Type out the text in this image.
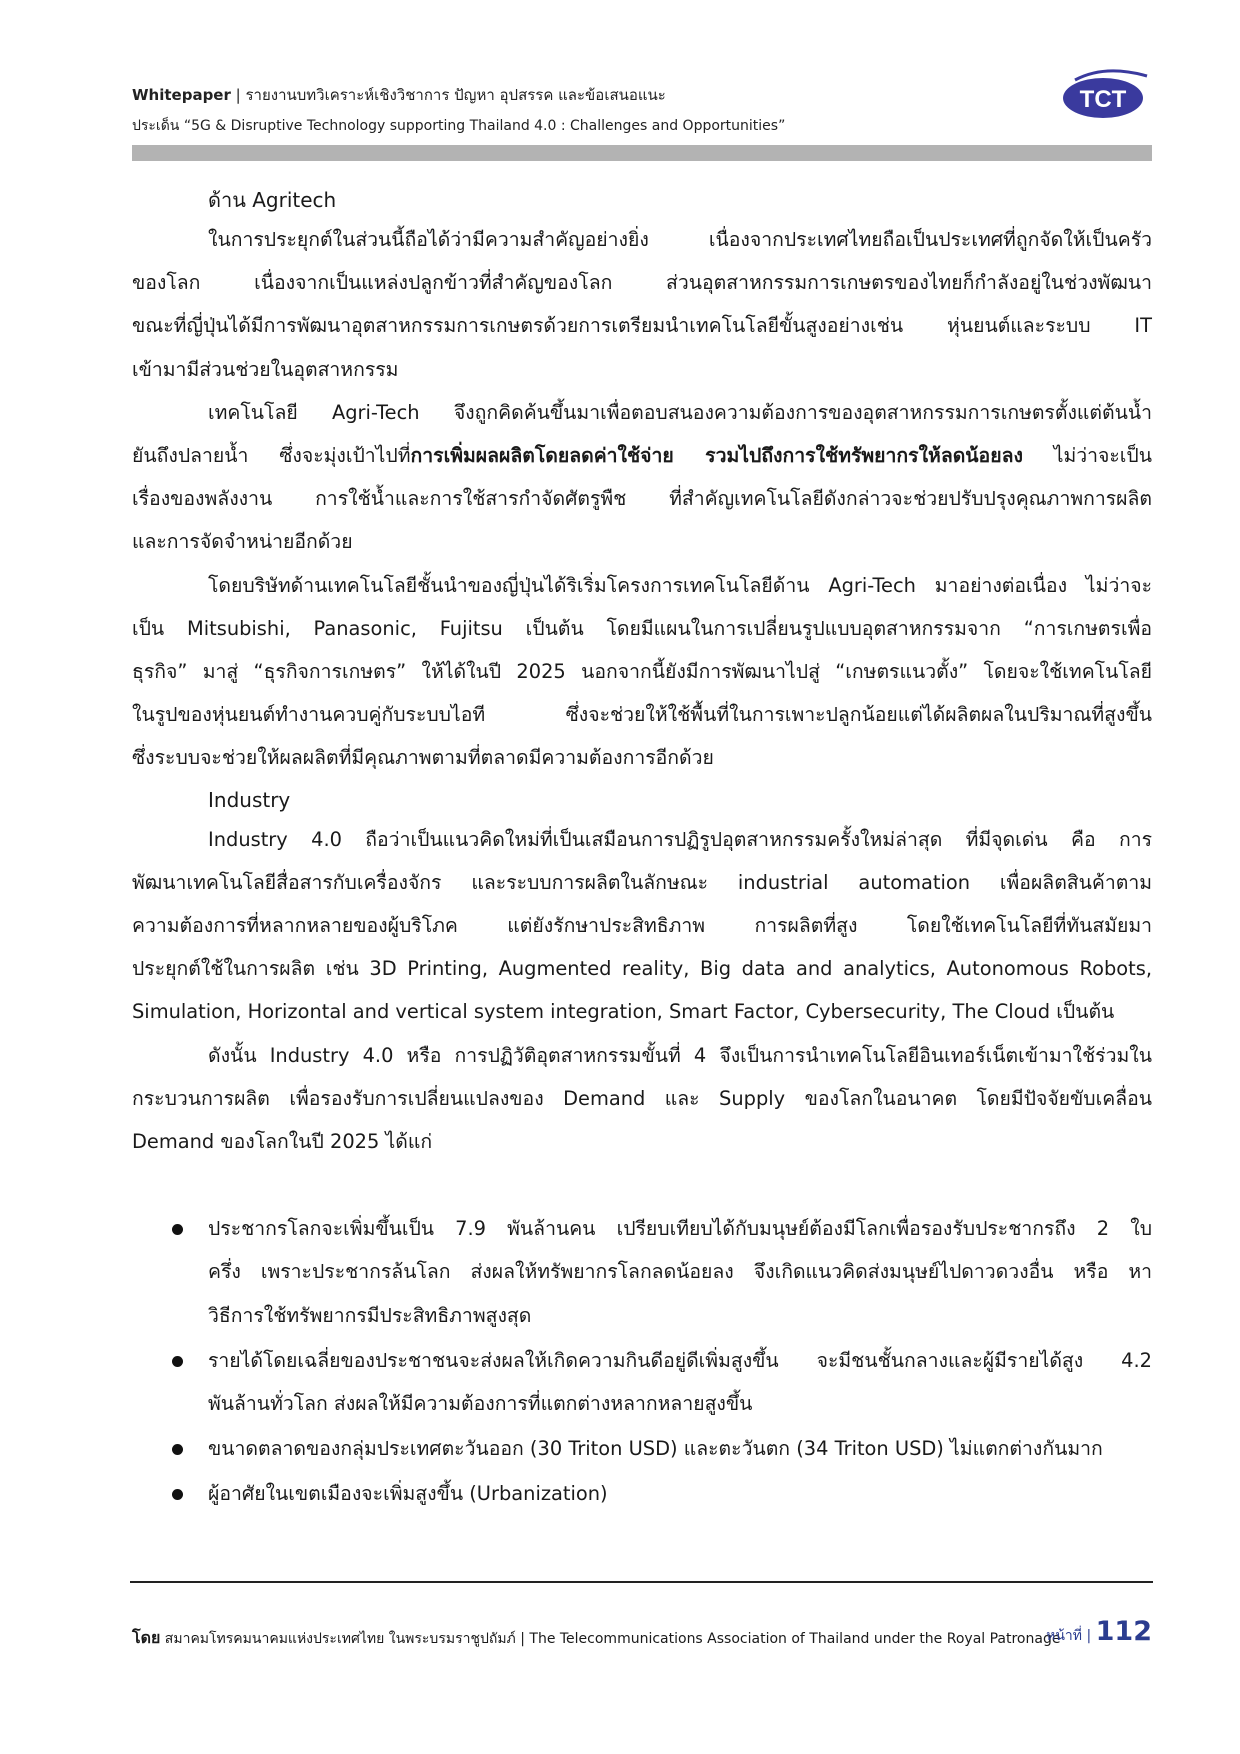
Whitepaper | รายงานบทวิเคราะห์เชิงวิชาการ ปัญหา อุปสรรค และข้อเสนอแนะ
ประเด็น “5G & Disruptive Technology supporting Thailand 4.0 : Challenges and Opportunities”
TCT
ด้าน Agritech
ในการประยุกต์ในส่วนนี้ถือได้ว่ามีความสำคัญอย่างยิ่ง เนื่องจากประเทศไทยถือเป็นประเทศที่ถูกจัดให้เป็นครัว
ของโลก เนื่องจากเป็นแหล่งปลูกข้าวที่สำคัญของโลก ส่วนอุตสาหกรรมการเกษตรของไทยก็กำลังอยู่ในช่วงพัฒนา
ขณะที่ญี่ปุ่นได้มีการพัฒนาอุตสาหกรรมการเกษตรด้วยการเตรียมนำเทคโนโลยีขั้นสูงอย่างเช่น หุ่นยนต์และระบบ IT
เข้ามามีส่วนช่วยในอุตสาหกรรม
เทคโนโลยี Agri-Tech จึงถูกคิดค้นขึ้นมาเพื่อตอบสนองความต้องการของอุตสาหกรรมการเกษตรตั้งแต่ต้นน้ำ
ยันถึงปลายน้ำ ซึ่งจะมุ่งเป้าไปที่การเพิ่มผลผลิตโดยลดค่าใช้จ่าย รวมไปถึงการใช้ทรัพยากรให้ลดน้อยลง ไม่ว่าจะเป็น
เรื่องของพลังงาน การใช้น้ำและการใช้สารกำจัดศัตรูพืช ที่สำคัญเทคโนโลยีดังกล่าวจะช่วยปรับปรุงคุณภาพการผลิต
และการจัดจำหน่ายอีกด้วย
โดยบริษัทด้านเทคโนโลยีชั้นนำของญี่ปุ่นได้ริเริ่มโครงการเทคโนโลยีด้าน Agri-Tech มาอย่างต่อเนื่อง ไม่ว่าจะ
เป็น Mitsubishi, Panasonic, Fujitsu เป็นต้น โดยมีแผนในการเปลี่ยนรูปแบบอุตสาหกรรมจาก “การเกษตรเพื่อ
ธุรกิจ” มาสู่ “ธุรกิจการเกษตร” ให้ได้ในปี 2025 นอกจากนี้ยังมีการพัฒนาไปสู่ “เกษตรแนวตั้ง” โดยจะใช้เทคโนโลยี
ในรูปของหุ่นยนต์ทำงานควบคู่กับระบบไอที ซึ่งจะช่วยให้ใช้พื้นที่ในการเพาะปลูกน้อยแต่ได้ผลิตผลในปริมาณที่สูงขึ้น
ซึ่งระบบจะช่วยให้ผลผลิตที่มีคุณภาพตามที่ตลาดมีความต้องการอีกด้วย
Industry
Industry 4.0 ถือว่าเป็นแนวคิดใหม่ที่เป็นเสมือนการปฏิรูปอุตสาหกรรมครั้งใหม่ล่าสุด ที่มีจุดเด่น คือ การ
พัฒนาเทคโนโลยีสื่อสารกับเครื่องจักร และระบบการผลิตในลักษณะ industrial automation เพื่อผลิตสินค้าตาม
ความต้องการที่หลากหลายของผู้บริโภค แต่ยังรักษาประสิทธิภาพ การผลิตที่สูง โดยใช้เทคโนโลยีที่ทันสมัยมา
ประยุกต์ใช้ในการผลิต เช่น 3D Printing, Augmented reality, Big data and analytics, Autonomous Robots,
Simulation, Horizontal and vertical system integration, Smart Factor, Cybersecurity, The Cloud เป็นต้น
ดังนั้น Industry 4.0 หรือ การปฏิวัติอุตสาหกรรมขั้นที่ 4 จึงเป็นการนำเทคโนโลยีอินเทอร์เน็ตเข้ามาใช้ร่วมใน
กระบวนการผลิต เพื่อรองรับการเปลี่ยนแปลงของ Demand และ Supply ของโลกในอนาคต โดยมีปัจจัยขับเคลื่อน
Demand ของโลกในปี 2025 ได้แก่
ประชากรโลกจะเพิ่มขึ้นเป็น 7.9 พันล้านคน เปรียบเทียบได้กับมนุษย์ต้องมีโลกเพื่อรองรับประชากรถึง 2 ใบ
ครึ่ง เพราะประชากรล้นโลก ส่งผลให้ทรัพยากรโลกลดน้อยลง จึงเกิดแนวคิดส่งมนุษย์ไปดาวดวงอื่น หรือ หา
วิธีการใช้ทรัพยากรมีประสิทธิภาพสูงสุด
รายได้โดยเฉลี่ยของประชาชนจะส่งผลให้เกิดความกินดีอยู่ดีเพิ่มสูงขึ้น จะมีชนชั้นกลางและผู้มีรายได้สูง 4.2
พันล้านทั่วโลก ส่งผลให้มีความต้องการที่แตกต่างหลากหลายสูงขึ้น
ขนาดตลาดของกลุ่มประเทศตะวันออก (30 Triton USD) และตะวันตก (34 Triton USD) ไม่แตกต่างกันมาก
ผู้อาศัยในเขตเมืองจะเพิ่มสูงขึ้น (Urbanization)
โดย สมาคมโทรคมนาคมแห่งประเทศไทย ในพระบรมราชูปถัมภ์ | The Telecommunications Association of Thailand under the Royal Patronage
หน้าที่ | 112
